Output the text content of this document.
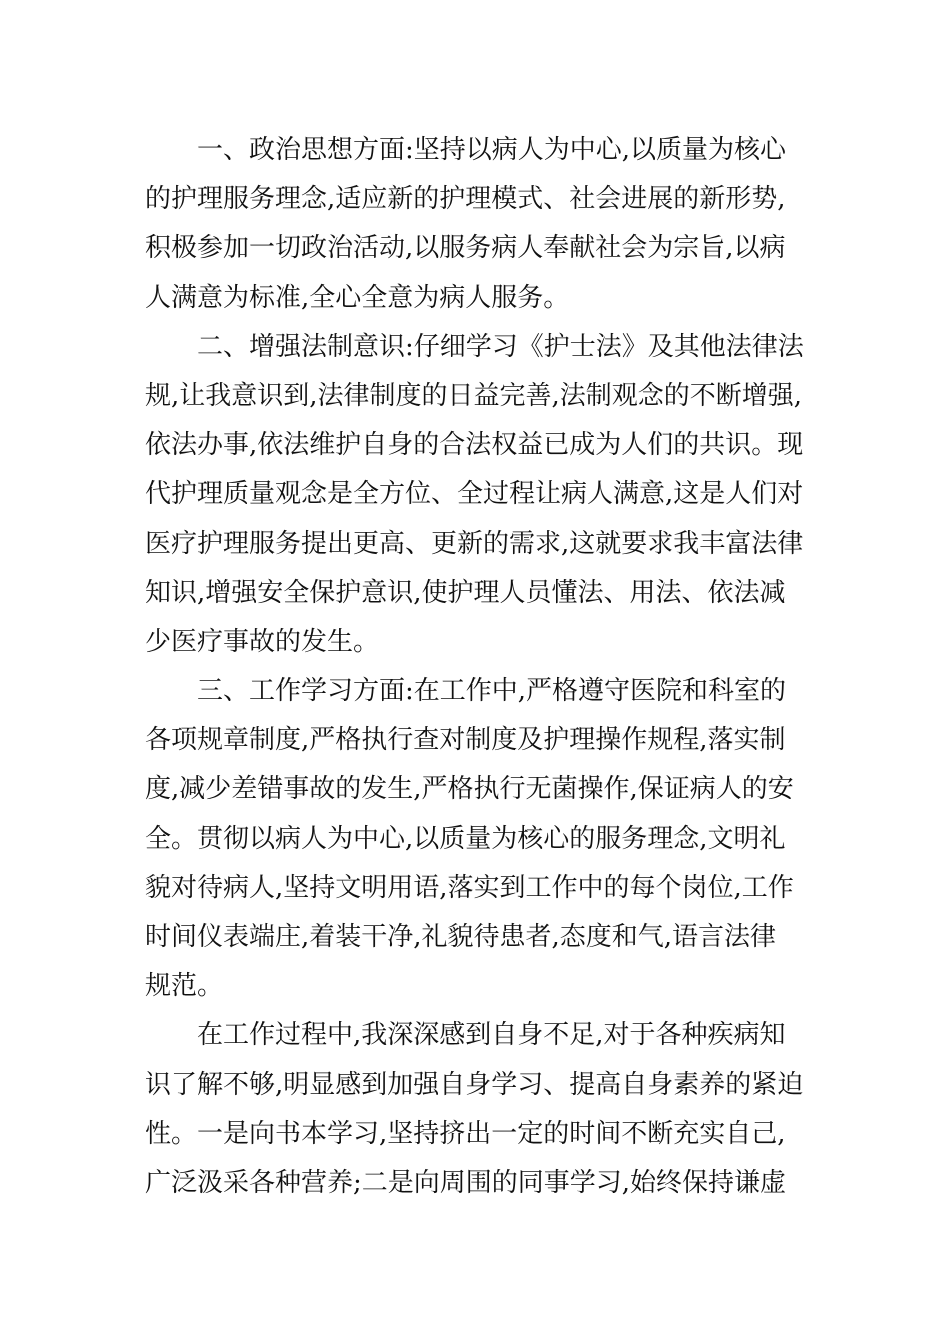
一、政治思想方面:坚持以病人为中心,以质量为核心
的护理服务理念,适应新的护理模式、社会进展的新形势,
积极参加一切政治活动,以服务病人奉献社会为宗旨,以病
人满意为标准,全心全意为病人服务。
二、增强法制意识:仔细学习《护士法》及其他法律法
规,让我意识到,法律制度的日益完善,法制观念的不断增强,
依法办事,依法维护自身的合法权益已成为人们的共识。现
代护理质量观念是全方位、全过程让病人满意,这是人们对
医疗护理服务提出更高、更新的需求,这就要求我丰富法律
知识,增强安全保护意识,使护理人员懂法、用法、依法减
少医疗事故的发生。
三、工作学习方面:在工作中,严格遵守医院和科室的
各项规章制度,严格执行查对制度及护理操作规程,落实制
度,减少差错事故的发生,严格执行无菌操作,保证病人的安
全。贯彻以病人为中心,以质量为核心的服务理念,文明礼
貌对待病人,坚持文明用语,落实到工作中的每个岗位,工作
时间仪表端庄,着装干净,礼貌待患者,态度和气,语言法律
规范。
在工作过程中,我深深感到自身不足,对于各种疾病知
识了解不够,明显感到加强自身学习、提高自身素养的紧迫
性。一是向书本学习,坚持挤出一定的时间不断充实自己,
广泛汲采各种营养;二是向周围的同事学习,始终保持谦虚
